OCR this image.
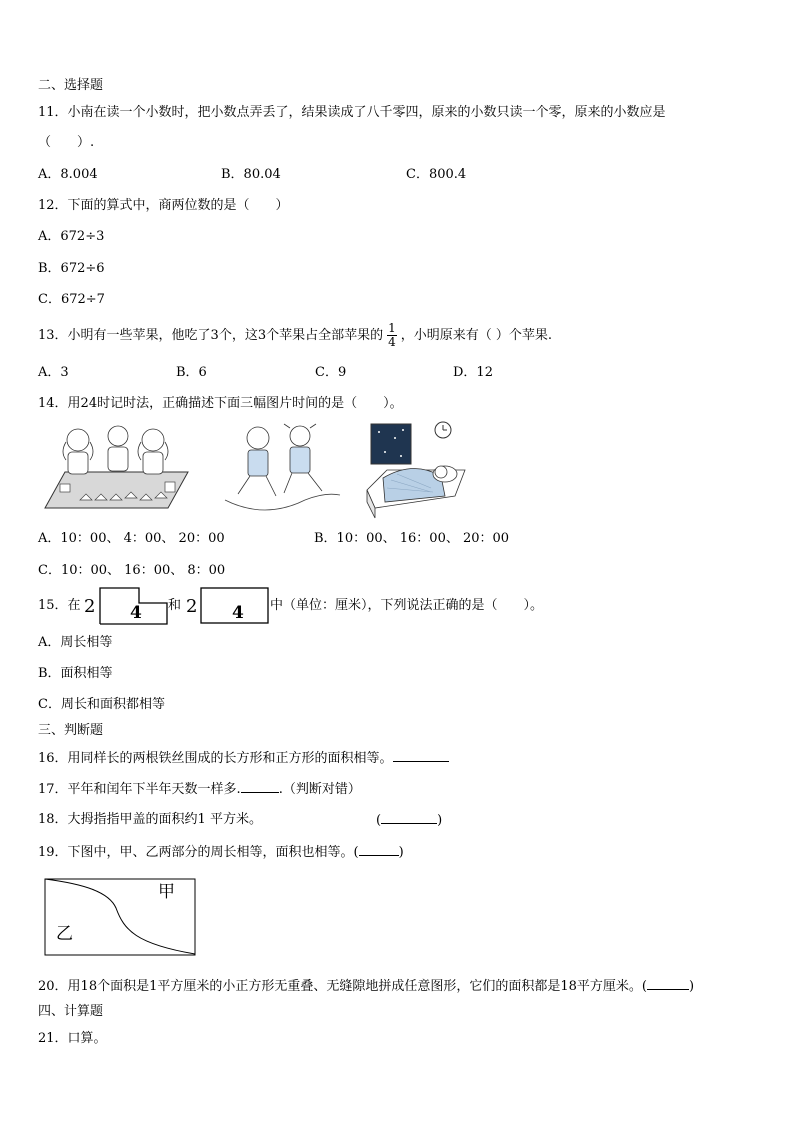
二、选择题
11．小南在读一个小数时，把小数点弄丢了，结果读成了八千零四，原来的小数只读一个零，原来的小数应是
（　　）.
A．8.004	B．80.04	C．800.4
12．下面的算式中，商两位数的是（　　）
A．672÷3
B．672÷6
C．672÷7
13．小明有一些苹果，他吃了3个，这3个苹果占全部苹果的 $\frac{1}{4}$ ，小明原来有（ ）个苹果.
A．3	B．6	C．9	D．12
14．用24时记时法，正确描述下面三幅图片时间的是（　　）。
A．10：00、 4：00、 20：00	B．10：00、 16：00、 20：00
C．10：00、 16：00、 8：00
15．在 2 4 和 2 4 中（单位：厘米），下列说法正确的是（　　）。
A．周长相等
B．面积相等
C．周长和面积都相等
三、判断题
16．用同样长的两根铁丝围成的长方形和正方形的面积相等。
17．平年和闰年下半年天数一样多.	.（判断对错）
18．大拇指指甲盖的面积约1 平方米。	(	)
19．下图中，甲、乙两部分的周长相等，面积也相等。(	)
甲
乙
20．用18个面积是1平方厘米的小正方形无重叠、无缝隙地拼成任意图形，它们的面积都是18平方厘米。(	)
四、计算题
21．口算。
